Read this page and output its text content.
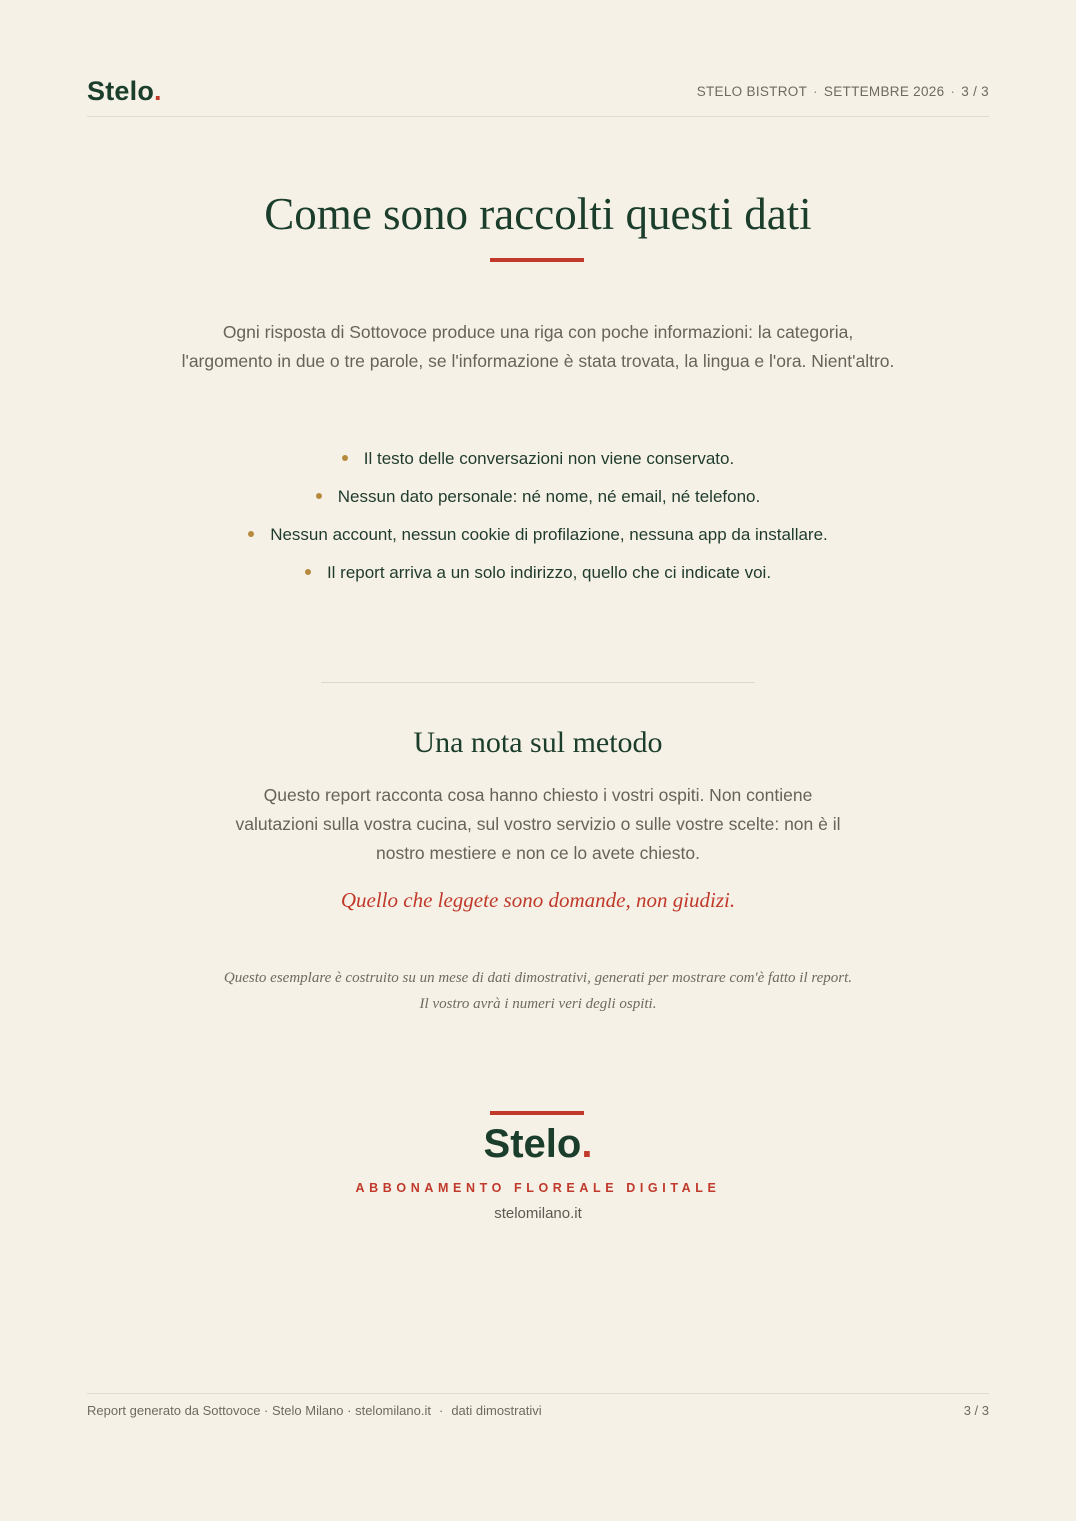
Stelo.	STELO BISTROT · SETTEMBRE 2026 · 3 / 3
Come sono raccolti questi dati

Ogni risposta di Sottovoce produce una riga con poche informazioni: la categoria,

l'argomento in due o tre parole, se l'informazione è stata trovata, la lingua e l'ora. Nient'altro.

Il testo delle conversazioni non viene conservato.
Nessun dato personale: né nome, né email, né telefono.
Nessun account, nessun cookie di profilazione, nessuna app da installare.
Il report arriva a un solo indirizzo, quello che ci indicate voi.
Una nota sul metodo

Questo report racconta cosa hanno chiesto i vostri ospiti. Non contiene

valutazioni sulla vostra cucina, sul vostro servizio o sulle vostre scelte: non è il

nostro mestiere e non ce lo avete chiesto.

Quello che leggete sono domande, non giudizi.

Questo esemplare è costruito su un mese di dati dimostrativi, generati per mostrare com'è fatto il report.

Il vostro avrà i numeri veri degli ospiti.

Stelo.
ABBONAMENTO FLOREALE DIGITALE
stelomilano.it
Report generato da Sottovoce · Stelo Milano · stelomilano.it · dati dimostrativi	3 / 3
